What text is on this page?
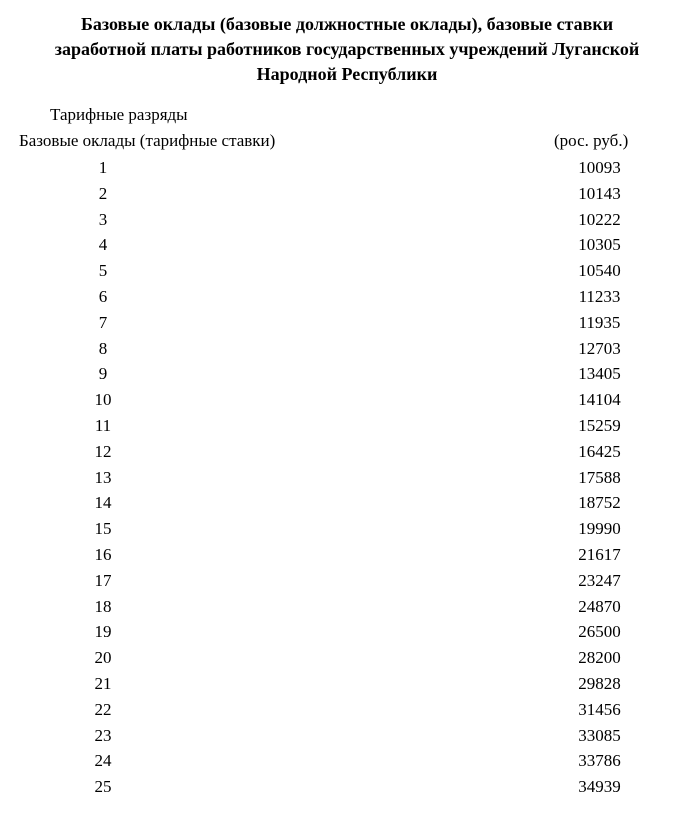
Базовые оклады (базовые должностные оклады), базовые ставки
заработной платы работников государственных учреждений Луганской
Народной Республики
Тарифные разряды
Базовые оклады (тарифные ставки)	(рос. руб.)
1	10093
2	10143
3	10222
4	10305
5	10540
6	11233
7	11935
8	12703
9	13405
10	14104
11	15259
12	16425
13	17588
14	18752
15	19990
16	21617
17	23247
18	24870
19	26500
20	28200
21	29828
22	31456
23	33085
24	33786
25	34939
